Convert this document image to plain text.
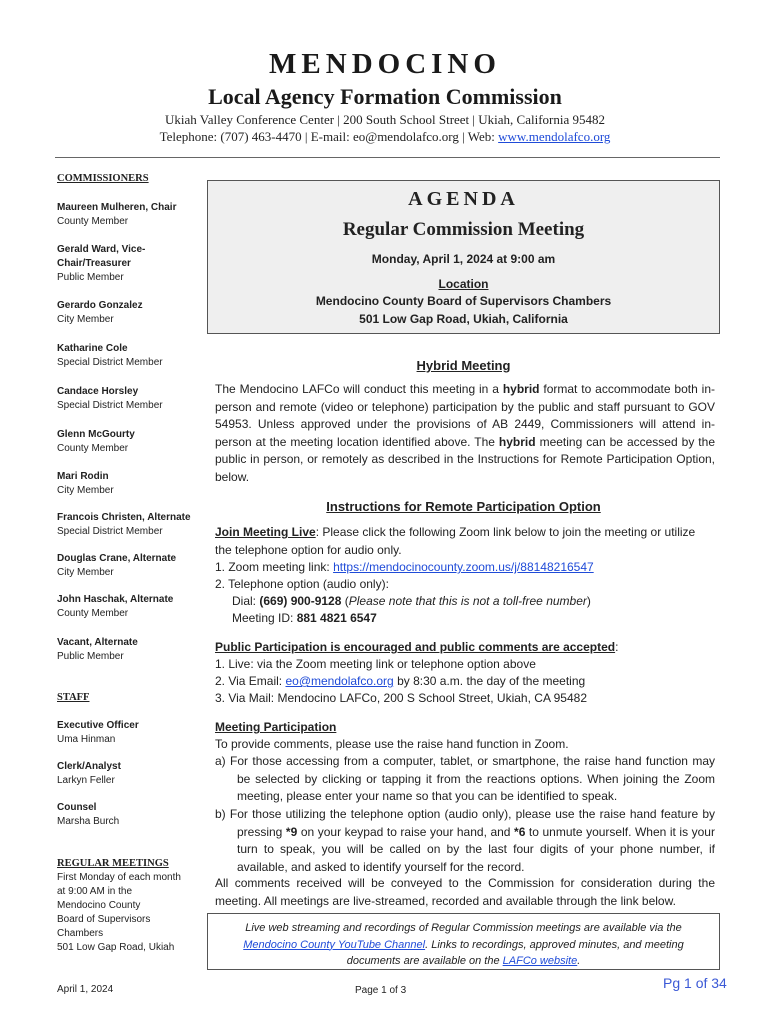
MENDOCINO
Local Agency Formation Commission
Ukiah Valley Conference Center | 200 South School Street | Ukiah, California 95482
Telephone: (707) 463-4470 | E-mail: eo@mendolafco.org | Web: www.mendolafco.org
COMMISSIONERS
Maureen Mulheren, Chair
County Member
Gerald Ward, Vice-
Chair/Treasurer
Public Member
Gerardo Gonzalez
City Member
Katharine Cole
Special District Member
Candace Horsley
Special District Member
Glenn McGourty
County Member
Mari Rodin
City Member
Francois Christen, Alternate
Special District Member
Douglas Crane, Alternate
City Member
John Haschak, Alternate
County Member
Vacant, Alternate
Public Member
STAFF
Executive Officer
Uma Hinman
Clerk/Analyst
Larkyn Feller
Counsel
Marsha Burch
REGULAR MEETINGS
First Monday of each month
at 9:00 AM in the
Mendocino County
Board of Supervisors
Chambers
501 Low Gap Road, Ukiah
AGENDA
Regular Commission Meeting
Monday, April 1, 2024 at 9:00 am
Location
Mendocino County Board of Supervisors Chambers
501 Low Gap Road, Ukiah, California
Hybrid Meeting
The Mendocino LAFCo will conduct this meeting in a hybrid format to accommodate both in-person and remote (video or telephone) participation by the public and staff pursuant to GOV 54953. Unless approved under the provisions of AB 2449, Commissioners will attend in-person at the meeting location identified above. The hybrid meeting can be accessed by the public in person, or remotely as described in the Instructions for Remote Participation Option, below.
Instructions for Remote Participation Option
Join Meeting Live: Please click the following Zoom link below to join the meeting or utilize the telephone option for audio only.
1. Zoom meeting link: https://mendocinocounty.zoom.us/j/88148216547
2. Telephone option (audio only):
Dial: (669) 900-9128 (Please note that this is not a toll-free number)
Meeting ID: 881 4821 6547
Public Participation is encouraged and public comments are accepted:
1. Live: via the Zoom meeting link or telephone option above
2. Via Email: eo@mendolafco.org by 8:30 a.m. the day of the meeting
3. Via Mail: Mendocino LAFCo, 200 S School Street, Ukiah, CA 95482
Meeting Participation
To provide comments, please use the raise hand function in Zoom.
a) For those accessing from a computer, tablet, or smartphone, the raise hand function may be selected by clicking or tapping it from the reactions options. When joining the Zoom meeting, please enter your name so that you can be identified to speak.
b) For those utilizing the telephone option (audio only), please use the raise hand feature by pressing *9 on your keypad to raise your hand, and *6 to unmute yourself. When it is your turn to speak, you will be called on by the last four digits of your phone number, if available, and asked to identify yourself for the record.
All comments received will be conveyed to the Commission for consideration during the meeting. All meetings are live-streamed, recorded and available through the link below.
Live web streaming and recordings of Regular Commission meetings are available via the Mendocino County YouTube Channel. Links to recordings, approved minutes, and meeting documents are available on the LAFCo website.
April 1, 2024	Page 1 of 3	Pg 1 of 34
